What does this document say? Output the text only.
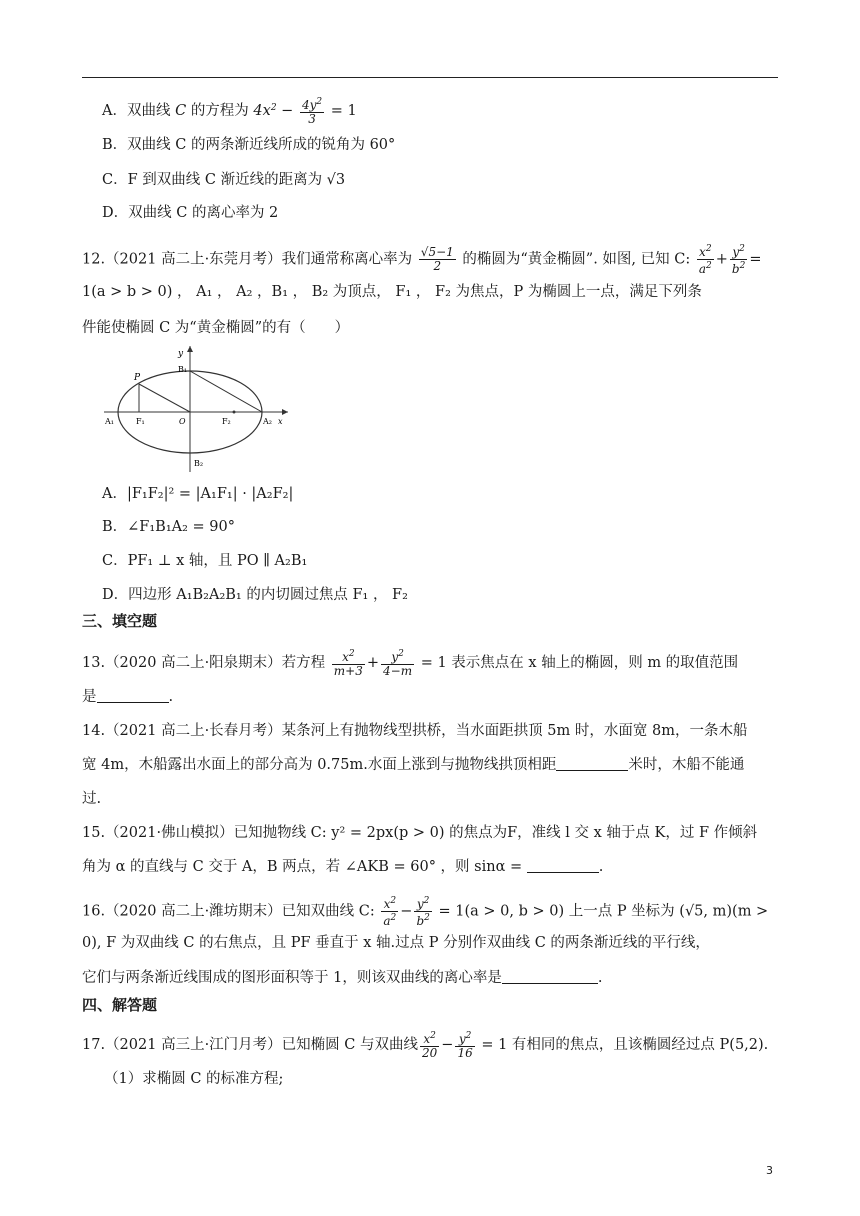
A．双曲线 C 的方程为 $4x^2 - \frac{4y^2}{3} = 1$
B．双曲线 C 的两条渐近线所成的锐角为 60°
C．F 到双曲线 C 渐近线的距离为 √3
D．双曲线 C 的离心率为 2
12.（2021 高二上·东莞月考）我们通常称离心率为 $\frac{√5-1}{2}$ 的椭圆为“黄金椭圆”. 如图, 已知 C: $\frac{x^2}{a^2} + \frac{y^2}{b^2}$ =
1(a > b > 0) ， A₁ ， A₂ ，B₁ ， B₂ 为顶点， F₁ ， F₂ 为焦点，P 为椭圆上一点，满足下列条
件能使椭圆 C 为“黄金椭圆”的有（　　）
y
P
B₁
A₁	F₁	O	F₂	A₂ x
B₂
A．|F₁F₂|² = |A₁F₁| · |A₂F₂|
B．∠F₁B₁A₂ = 90°
C．PF₁ ⊥ x 轴，且 PO ∥ A₂B₁
D．四边形 A₁B₂A₂B₁ 的内切圆过焦点 F₁ ， F₂
三、填空题
13.（2020 高二上·阳泉期末）若方程 $\frac{x^2}{m+3} + \frac{y^2}{4-m} = 1$ 表示焦点在 x 轴上的椭圆，则 m 的取值范围
是	.
14.（2021 高二上·长春月考）某条河上有抛物线型拱桥，当水面距拱顶 5m 时，水面宽 8m，一条木船
宽 4m，木船露出水面上的部分高为 0.75m.水面上涨到与抛物线拱顶相距	米时，木船不能通
过.
15.（2021·佛山模拟）已知抛物线 C: y² = 2px(p > 0) 的焦点为F，准线 l 交 x 轴于点 K，过 F 作倾斜
角为 α 的直线与 C 交于 A，B 两点，若 ∠AKB = 60° ，则 sinα =	.
16.（2020 高二上·潍坊期末）已知双曲线 C: $\frac{x^2}{a^2} - \frac{y^2}{b^2} = 1(a > 0$, b > 0) 上一点 P 坐标为 (√5, m)(m >
0), F 为双曲线 C 的右焦点，且 PF 垂直于 x 轴.过点 P 分别作双曲线 C 的两条渐近线的平行线，
它们与两条渐近线围成的图形面积等于 1，则该双曲线的离心率是	.
四、解答题
17.（2021 高三上·江门月考）已知椭圆 C 与双曲线 $\frac{x^2}{20} - \frac{y^2}{16} = 1$ 有相同的焦点，且该椭圆经过点 P(5,2).
（1）求椭圆 C 的标准方程;
3
